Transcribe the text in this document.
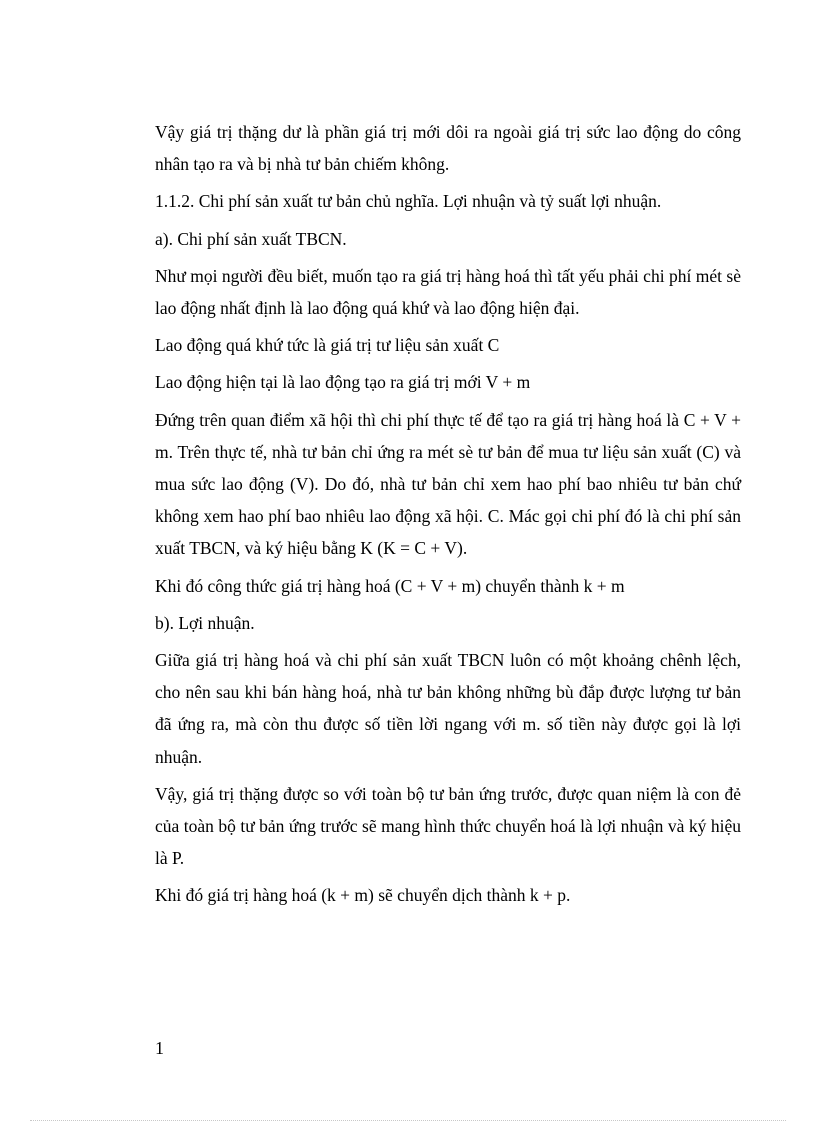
Vậy giá trị thặng dư là phần giá trị mới dôi ra ngoài giá trị sức lao động do công nhân tạo ra và bị nhà tư bản chiếm không.

1.1.2. Chi phí sản xuất tư bản chủ nghĩa. Lợi nhuận và tỷ suất lợi nhuận.

a). Chi phí sản xuất TBCN.

Như mọi người đều biết, muốn tạo ra giá trị hàng hoá thì tất yếu phải chi phí mét sè lao động nhất định là lao động quá khứ và lao động hiện đại.

Lao động quá khứ tức là giá trị tư liệu sản xuất C

Lao động hiện tại là lao động tạo ra giá trị mới V + m

Đứng trên quan điểm xã hội thì chi phí thực tế để tạo ra giá trị hàng hoá là C + V + m. Trên thực tế, nhà tư bản chỉ ứng ra mét sè tư bản để mua tư liệu sản xuất (C) và mua sức lao động (V). Do đó, nhà tư bản chỉ xem hao phí bao nhiêu tư bản chứ không xem hao phí bao nhiêu lao động xã hội. C. Mác gọi chi phí đó là chi phí sản xuất TBCN, và ký hiệu bằng K (K = C + V).

Khi đó công thức giá trị hàng hoá (C + V + m) chuyển thành k + m

b). Lợi nhuận.

Giữa giá trị hàng hoá và chi phí sản xuất TBCN luôn có một khoảng chênh lệch, cho nên sau khi bán hàng hoá, nhà tư bản không những bù đắp được lượng tư bản đã ứng ra, mà còn thu được số tiền lời ngang với m. số tiền này được gọi là lợi nhuận.

Vậy, giá trị thặng được so với toàn bộ tư bản ứng trước, được quan niệm là con đẻ của toàn bộ tư bản ứng trước sẽ mang hình thức chuyển hoá là lợi nhuận và ký hiệu là P.

Khi đó giá trị hàng hoá (k + m) sẽ chuyển dịch thành k + p.

1
